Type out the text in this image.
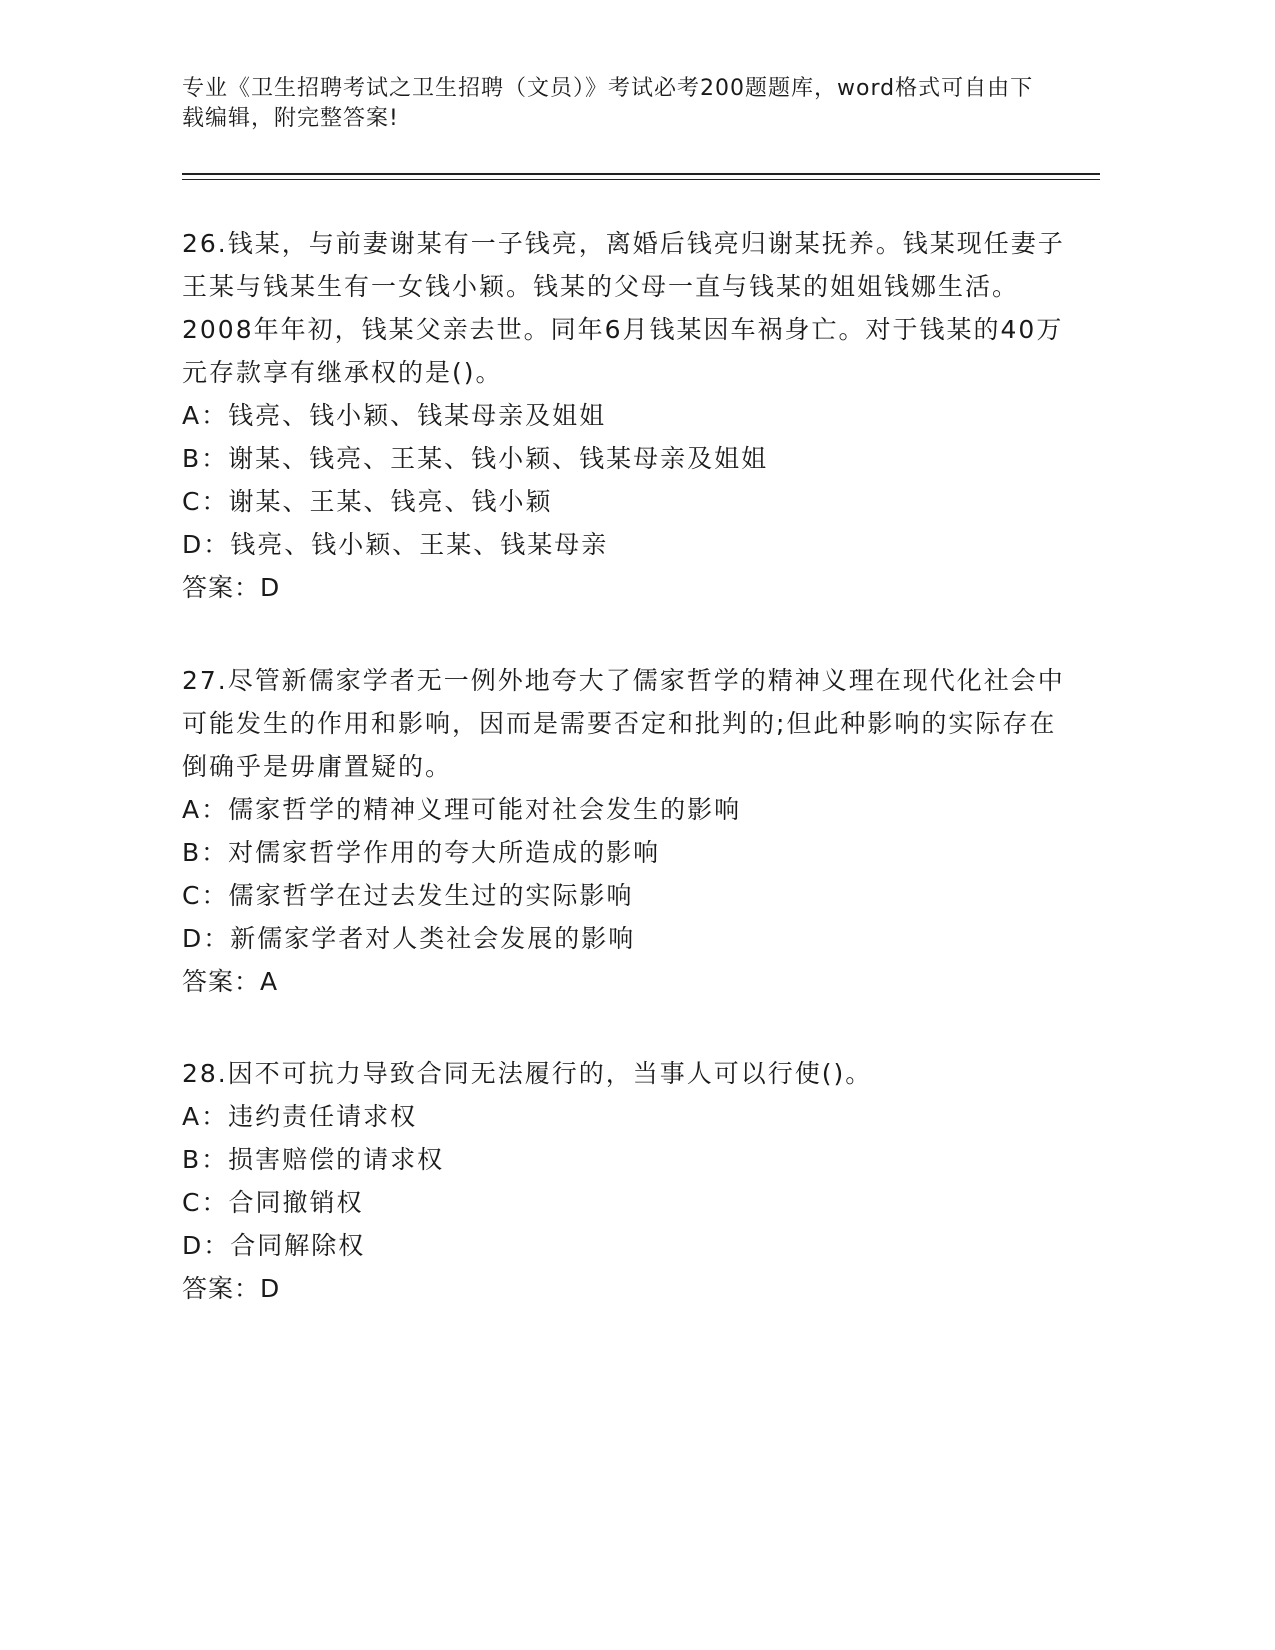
专业《卫生招聘考试之卫生招聘（文员）》考试必考200题题库，word格式可自由下载编辑，附完整答案!

26.钱某，与前妻谢某有一子钱亮，离婚后钱亮归谢某抚养。钱某现任妻子王某与钱某生有一女钱小颖。钱某的父母一直与钱某的姐姐钱娜生活。2008年年初，钱某父亲去世。同年6月钱某因车祸身亡。对于钱某的40万元存款享有继承权的是()。

A：钱亮、钱小颖、钱某母亲及姐姐

B：谢某、钱亮、王某、钱小颖、钱某母亲及姐姐

C：谢某、王某、钱亮、钱小颖

D：钱亮、钱小颖、王某、钱某母亲

答案：D

27.尽管新儒家学者无一例外地夸大了儒家哲学的精神义理在现代化社会中可能发生的作用和影响，因而是需要否定和批判的;但此种影响的实际存在倒确乎是毋庸置疑的。

A：儒家哲学的精神义理可能对社会发生的影响

B：对儒家哲学作用的夸大所造成的影响

C：儒家哲学在过去发生过的实际影响

D：新儒家学者对人类社会发展的影响

答案：A

28.因不可抗力导致合同无法履行的，当事人可以行使()。

A：违约责任请求权

B：损害赔偿的请求权

C：合同撤销权

D：合同解除权

答案：D
